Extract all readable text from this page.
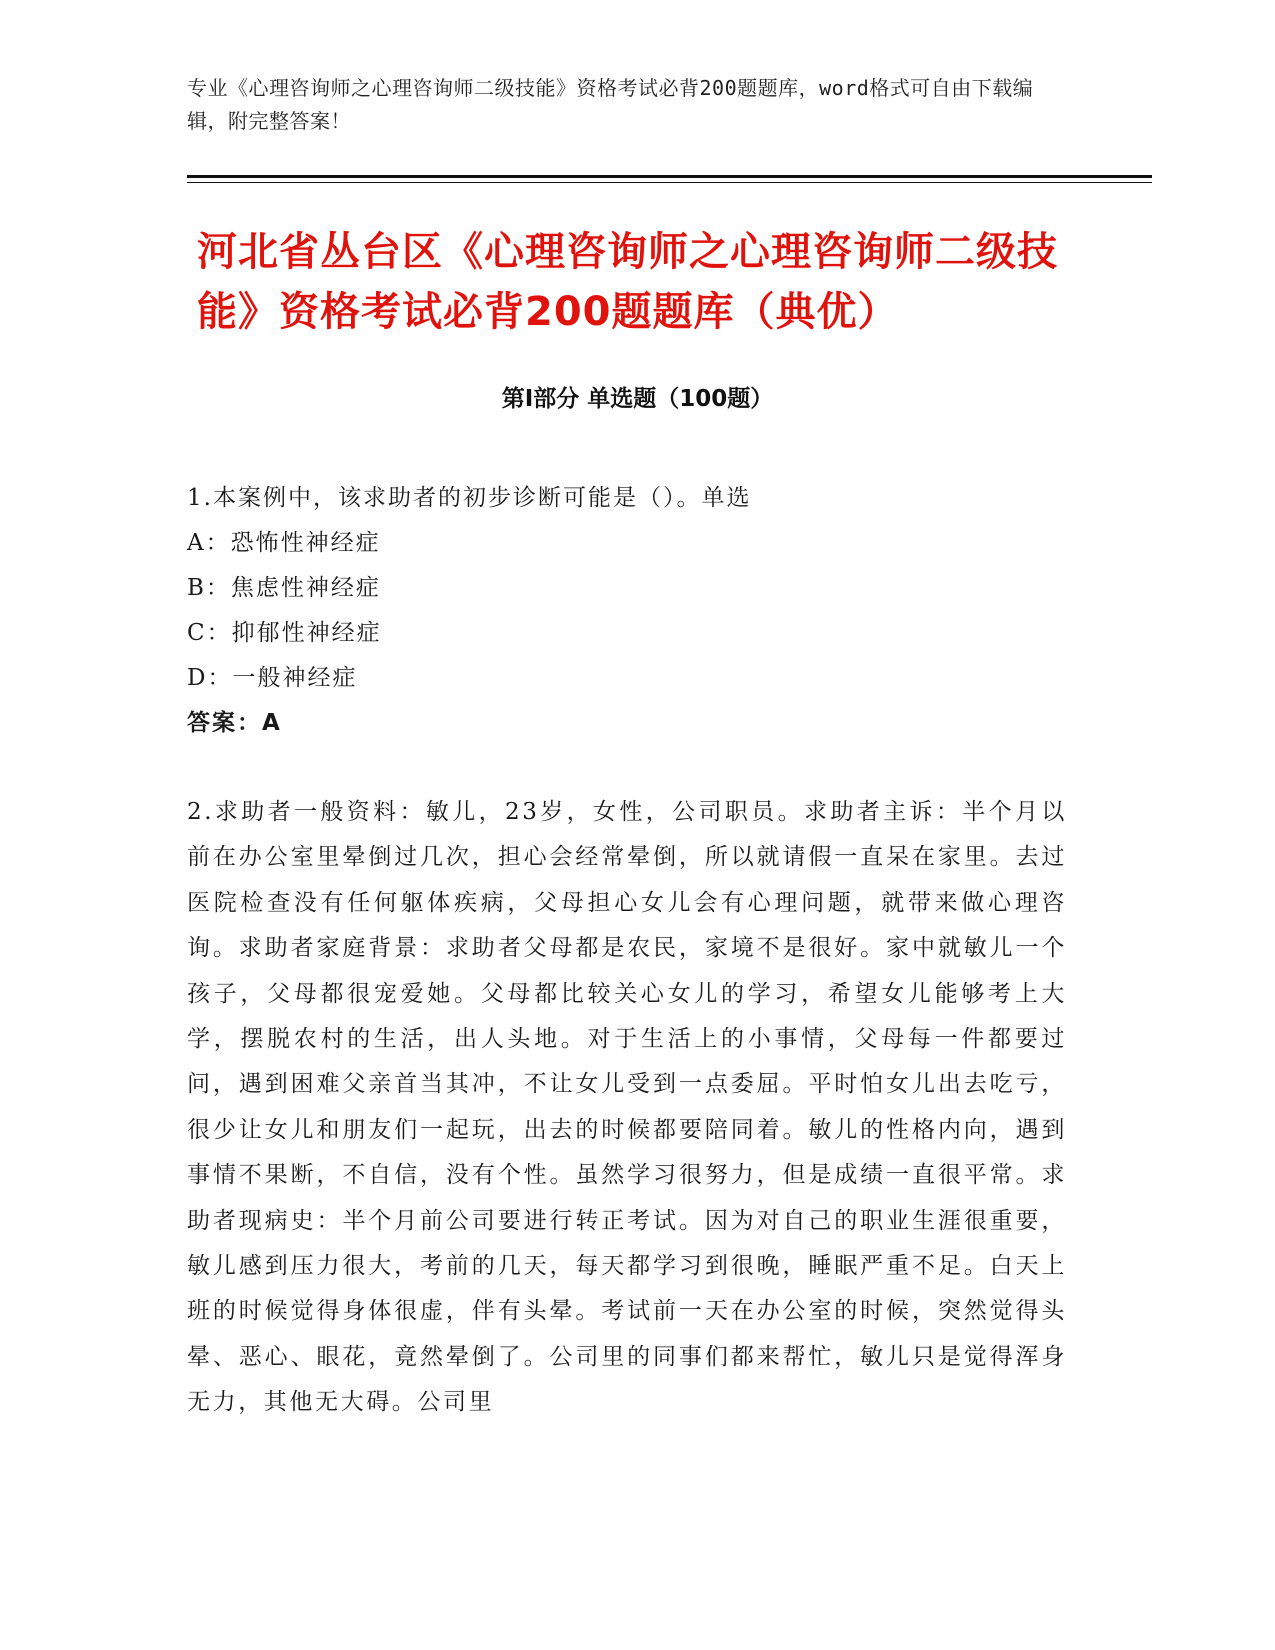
专业《心理咨询师之心理咨询师二级技能》资格考试必背200题题库，word格式可自由下载编辑，附完整答案！

河北省丛台区《心理咨询师之心理咨询师二级技能》资格考试必背200题题库（典优）
第Ⅰ部分 单选题（100题）
1.本案例中，该求助者的初步诊断可能是（）。单选
A：恐怖性神经症
B：焦虑性神经症
C：抑郁性神经症
D：一般神经症
答案：A

2.求助者一般资料：敏儿，23岁，女性，公司职员。求助者主诉：半个月以前在办公室里晕倒过几次，担心会经常晕倒，所以就请假一直呆在家里。去过医院检查没有任何躯体疾病，父母担心女儿会有心理问题，就带来做心理咨询。求助者家庭背景：求助者父母都是农民，家境不是很好。家中就敏儿一个孩子，父母都很宠爱她。父母都比较关心女儿的学习，希望女儿能够考上大学，摆脱农村的生活，出人头地。对于生活上的小事情，父母每一件都要过问，遇到困难父亲首当其冲，不让女儿受到一点委屈。平时怕女儿出去吃亏，很少让女儿和朋友们一起玩，出去的时候都要陪同着。敏儿的性格内向，遇到事情不果断，不自信，没有个性。虽然学习很努力，但是成绩一直很平常。求助者现病史：半个月前公司要进行转正考试。因为对自己的职业生涯很重要，敏儿感到压力很大，考前的几天，每天都学习到很晚，睡眠严重不足。白天上班的时候觉得身体很虚，伴有头晕。考试前一天在办公室的时候，突然觉得头晕、恶心、眼花，竟然晕倒了。公司里的同事们都来帮忙，敏儿只是觉得浑身无力，其他无大碍。公司里
